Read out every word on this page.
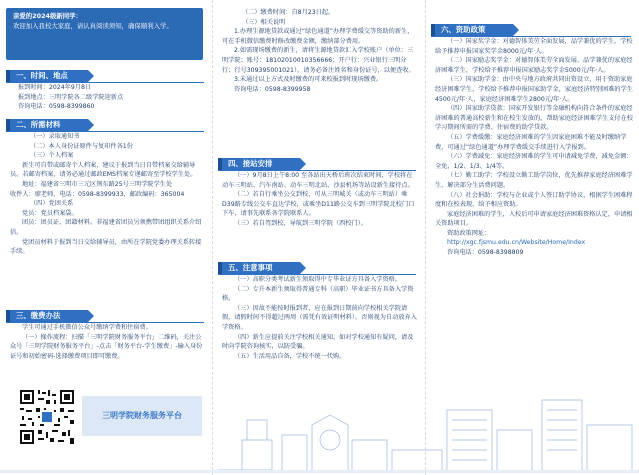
亲爱的2024级新同学：
欢迎加入我校大家庭，请认真阅读须知，确保顺利入学。
一、时间、地点

报到时间：2024年9月8日

报到地点：三明学院各二级学院迎新点

咨询电话：0598-8399860

二、所需材料

（一）录取通知书

（二）本人身份证原件与复印件各1份

（三）个人档案

新生可自带或邮寄个人档案，建议于报到当日自带档案交给辅导员。若邮寄档案，请务必通过邮政EMS档案专递邮寄至学校学生处。

地址：福建省三明市三元区荆东路25号三明学院学生处

收件人：廖老师、电话：0598-8399933，邮政编码：365004

（四）党团关系

党员：党员档案袋。

团员：团员证、团籍材料。非福建省团员另须携带团组织关系介绍信。

党团员材料于报到当日交给辅导员，由所在学院党委办理关系转接手续。

三、缴费办法

学生可通过手机微信公众号缴纳学费和住宿费。

（一）操作流程：扫描「三明学院财务服务平台」二维码，关注公众号「三明学院财务服务平台」-点击「财务平台-学生缴费」-输入身份证号和初始密码-选择缴费项目即可缴费。

三明学院财务服务平台

（二）缴费时间：自8月23日起。

（三）相关说明

1.办理生源地贷款或通过“绿色通道”办理学费缓交等资助的新生，可在手机微信缴费时修改缴费金额，缴纳部分费用。

2.如需现场缴费的新生，请将生源地贷款汇入学校账户（单位：三明学院；账号：18102010010356666；开户行：兴业银行三明分行；行号309395001021）。请务必备注姓名和身份证号，以便查收。

3.未通过以上方式及时缴费的可来校报到时现场缴费。

咨询电话：0598-8399958

四、接站安排

（一）9月8日上午8:00 至各站出天桥后班次结束时间，学校将在动车三明站、汽车南站、动车三明北站、沙县机场等站设新生接待点。

（二）若自行乘坐公交到校，可从三明城关（或动车三明站）乘D39路专线公交车直达学校，或乘坐D11路公交车到三明学院北校门口下车，请事先联系各学院联系人。

（三）若自驾到校，导航到三明学院（西校门）。

五、注意事项

（一）高职分类考试新生须取得中专毕业证方具备入学资格。

（二）专升本新生须取得普通专科（高职）毕业证书方具备入学资格。

（三）因故不能按时报到者，应在报到日期前向学校相关学院请假，请假时间不得超过两周（需凭有效证明材料），否则视为自动放弃入学资格。

（四）新生应提前关注学校相关通知，如对学校通知有疑问，请及时向学院咨询核实，以防受骗。

（五）生活用品自备，学校不统一代购。

六、资助政策

（一）国家奖学金：对德智体美劳全面发展，品学兼优的学生，学校给予推荐申报国家奖学金8000元/年·人。

（二）国家励志奖学金：对德智体美劳全面发展、品学兼优的家庭经济困难学生，学校给予推荐申报国家励志奖学金5000元/年·人。

（三）国家助学金：由中央与地方政府共同出资设立，用于资助家庭经济困难学生，学校给予推荐申报国家助学金，家庭经济特别困难的学生4500元/年·人，家庭经济困难学生2800元/年·人。

（四）国家助学贷款：国家开发银行等金融机构向符合条件的家庭经济困难的普通高校新生和在校生发放的，帮助家庭经济困难学生支付在校学习期间所需的学费、住宿费的助学贷款。

（五）学费缓缴：家庭经济困难的学生因家庭困难不能及时缴纳学费，可通过“绿色通道”办理学费缓交手续进行入学报到。

（六）学费减免：家庭经济困难的学生可申请减免学费，减免金额：全免、1/2、1/3、1/4等。

（七）勤工助学：学校设立勤工助学岗位，优先推荐家庭经济困难学生，解决部分生活费问题。

（八）社会捐助：学校与企业或个人签订助学协议，根据学生困难程度和在校表现，给予相应资助。

家庭经济困难的学生，入校后可申请家庭经济困难资格认定，申请相关资助项目。

资助政策网址：

http://xgc.fjsmu.edu.cn/Website/Home/Index

咨询电话：0598-8398809
